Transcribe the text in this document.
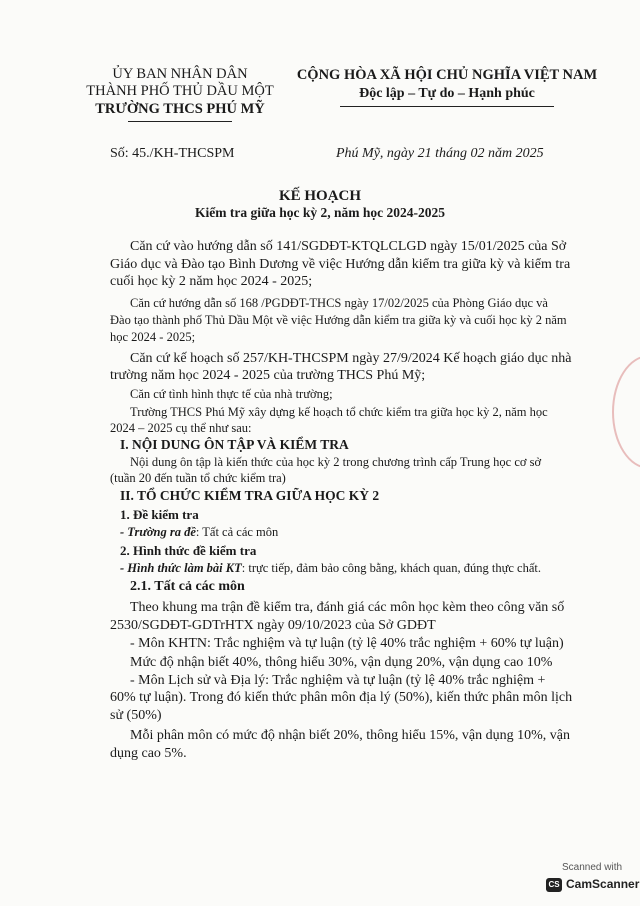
ỦY BAN NHÂN DÂN
THÀNH PHỐ THỦ DẦU MỘT
TRƯỜNG THCS PHÚ MỸ
CỘNG HÒA XÃ HỘI CHỦ NGHĨA VIỆT NAM
Độc lập – Tự do – Hạnh phúc
Số: 45./KH-THCSPM	Phú Mỹ, ngày 21 tháng 02 năm 2025
KẾ HOẠCH
Kiểm tra giữa học kỳ 2, năm học 2024-2025
Căn cứ vào hướng dẫn số 141/SGDĐT-KTQLCLGD ngày 15/01/2025 của Sở
Giáo dục và Đào tạo Bình Dương về việc Hướng dẫn kiểm tra giữa kỳ và kiểm tra
cuối học kỳ 2 năm học 2024 - 2025;
Căn cứ hướng dẫn số 168 /PGDĐT-THCS ngày 17/02/2025 của Phòng Giáo dục và
Đào tạo thành phố Thủ Dầu Một về việc Hướng dẫn kiểm tra giữa kỳ và cuối học kỳ 2 năm
học 2024 - 2025;
Căn cứ kế hoạch số 257/KH-THCSPM ngày 27/9/2024 Kế hoạch giáo dục nhà
trường năm học 2024 - 2025 của trường THCS Phú Mỹ;
Căn cứ tình hình thực tế của nhà trường;
Trường THCS Phú Mỹ xây dựng kế hoạch tổ chức kiểm tra giữa học kỳ 2, năm học
2024 – 2025 cụ thể như sau:
I. NỘI DUNG ÔN TẬP VÀ KIỂM TRA
Nội dung ôn tập là kiến thức của học kỳ 2 trong chương trình cấp Trung học cơ sở
(tuần 20 đến tuần tổ chức kiểm tra)
II. TỔ CHỨC KIỂM TRA GIỮA HỌC KỲ 2
1. Đề kiểm tra
- Trường ra đề: Tất cả các môn
2. Hình thức đề kiểm tra
- Hình thức làm bài KT: trực tiếp, đảm bảo công bằng, khách quan, đúng thực chất.
2.1. Tất cả các môn
Theo khung ma trận đề kiểm tra, đánh giá các môn học kèm theo công văn số
2530/SGDĐT-GDTrHTX ngày 09/10/2023 của Sở GDĐT
- Môn KHTN: Trắc nghiệm và tự luận (tỷ lệ 40% trắc nghiệm + 60% tự luận)
Mức độ nhận biết 40%, thông hiểu 30%, vận dụng 20%, vận dụng cao 10%
- Môn Lịch sử và Địa lý: Trắc nghiệm và tự luận (tỷ lệ 40% trắc nghiệm +
60% tự luận). Trong đó kiến thức phân môn địa lý (50%), kiến thức phân môn lịch
sử (50%)
Mỗi phân môn có mức độ nhận biết 20%, thông hiểu 15%, vận dụng 10%, vận
dụng cao 5%.
Scanned with
CS CamScanner
